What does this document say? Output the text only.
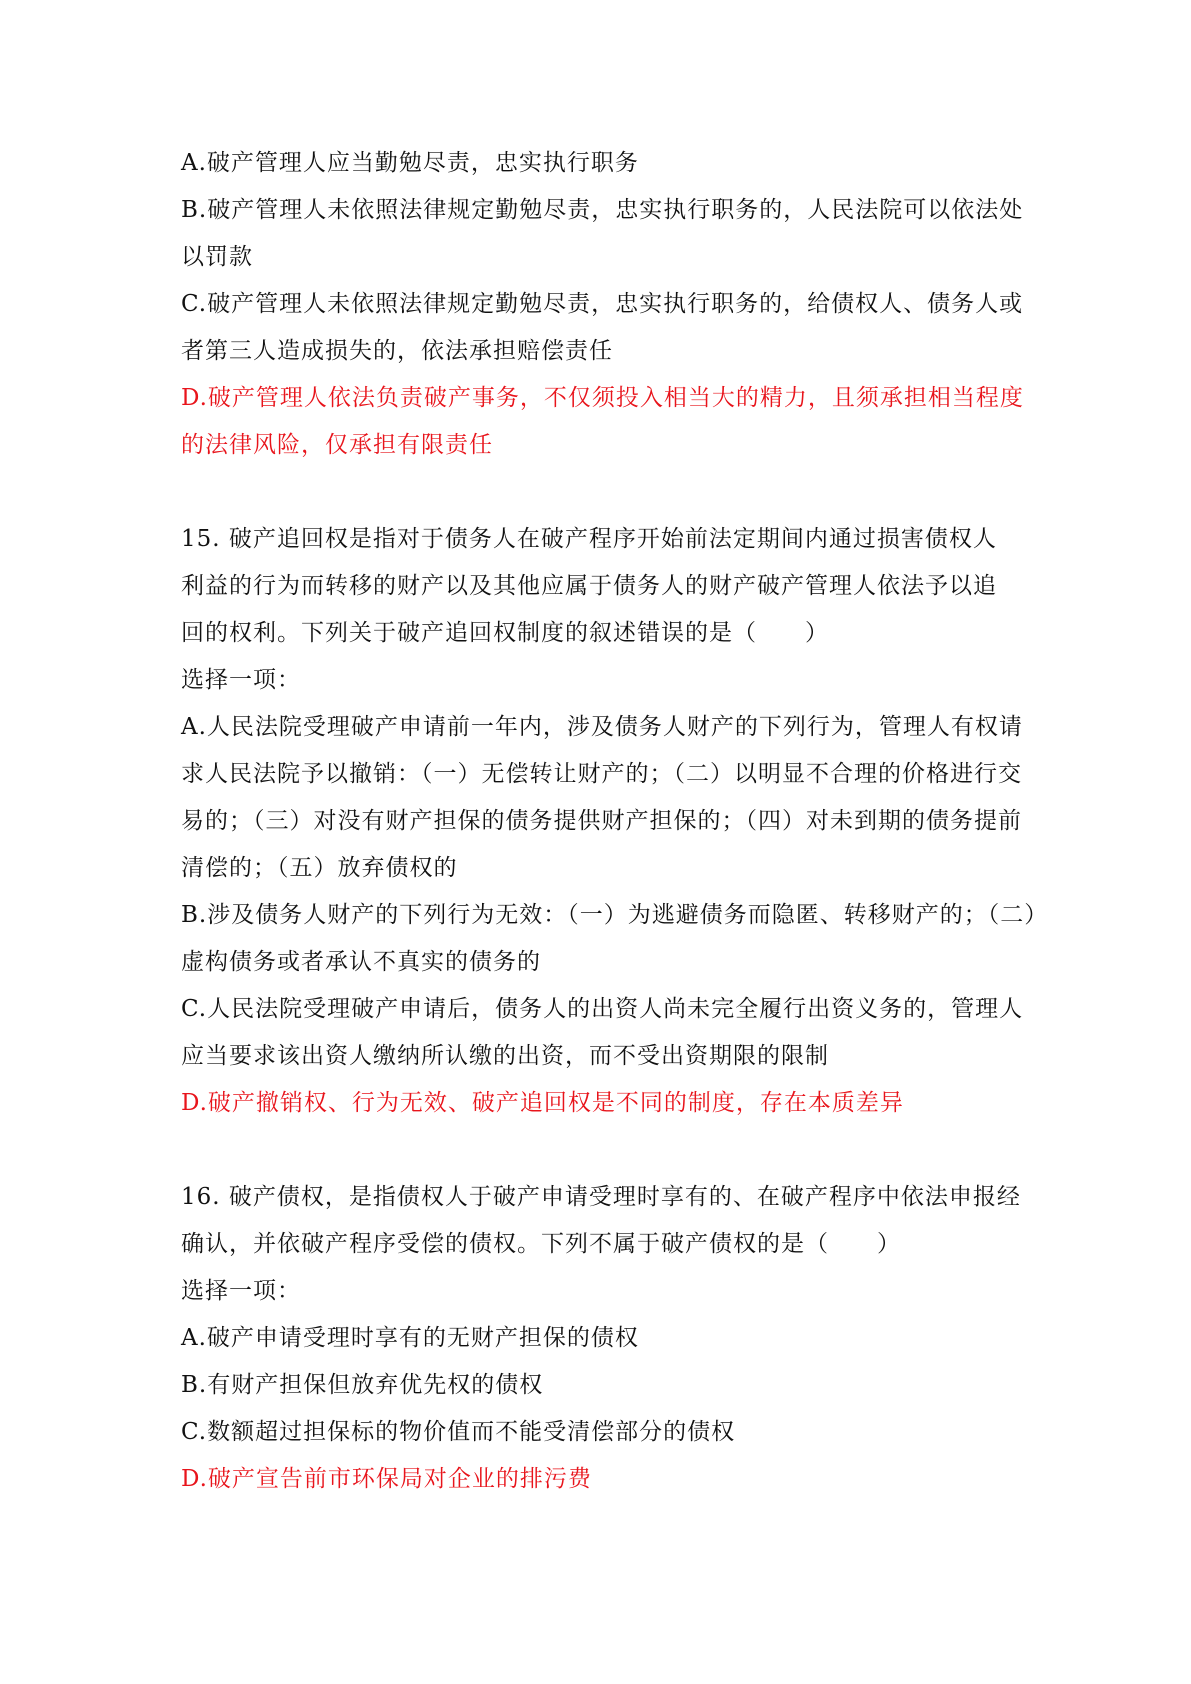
A.破产管理人应当勤勉尽责，忠实执行职务
B.破产管理人未依照法律规定勤勉尽责，忠实执行职务的，人民法院可以依法处
以罚款
C.破产管理人未依照法律规定勤勉尽责，忠实执行职务的，给债权人、债务人或
者第三人造成损失的，依法承担赔偿责任
D.破产管理人依法负责破产事务，不仅须投入相当大的精力，且须承担相当程度
的法律风险，仅承担有限责任
15. 破产追回权是指对于债务人在破产程序开始前法定期间内通过损害债权人
利益的行为而转移的财产以及其他应属于债务人的财产破产管理人依法予以追
回的权利。下列关于破产追回权制度的叙述错误的是（　　）
选择一项：
A.人民法院受理破产申请前一年内，涉及债务人财产的下列行为，管理人有权请
求人民法院予以撤销：（一）无偿转让财产的；（二）以明显不合理的价格进行交
易的；（三）对没有财产担保的债务提供财产担保的；（四）对未到期的债务提前
清偿的；（五）放弃债权的
B.涉及债务人财产的下列行为无效：（一）为逃避债务而隐匿、转移财产的；（二）
虚构债务或者承认不真实的债务的
C.人民法院受理破产申请后，债务人的出资人尚未完全履行出资义务的，管理人
应当要求该出资人缴纳所认缴的出资，而不受出资期限的限制
D.破产撤销权、行为无效、破产追回权是不同的制度，存在本质差异
16. 破产债权，是指债权人于破产申请受理时享有的、在破产程序中依法申报经
确认，并依破产程序受偿的债权。下列不属于破产债权的是（　　）
选择一项：
A.破产申请受理时享有的无财产担保的债权
B.有财产担保但放弃优先权的债权
C.数额超过担保标的物价值而不能受清偿部分的债权
D.破产宣告前市环保局对企业的排污费
